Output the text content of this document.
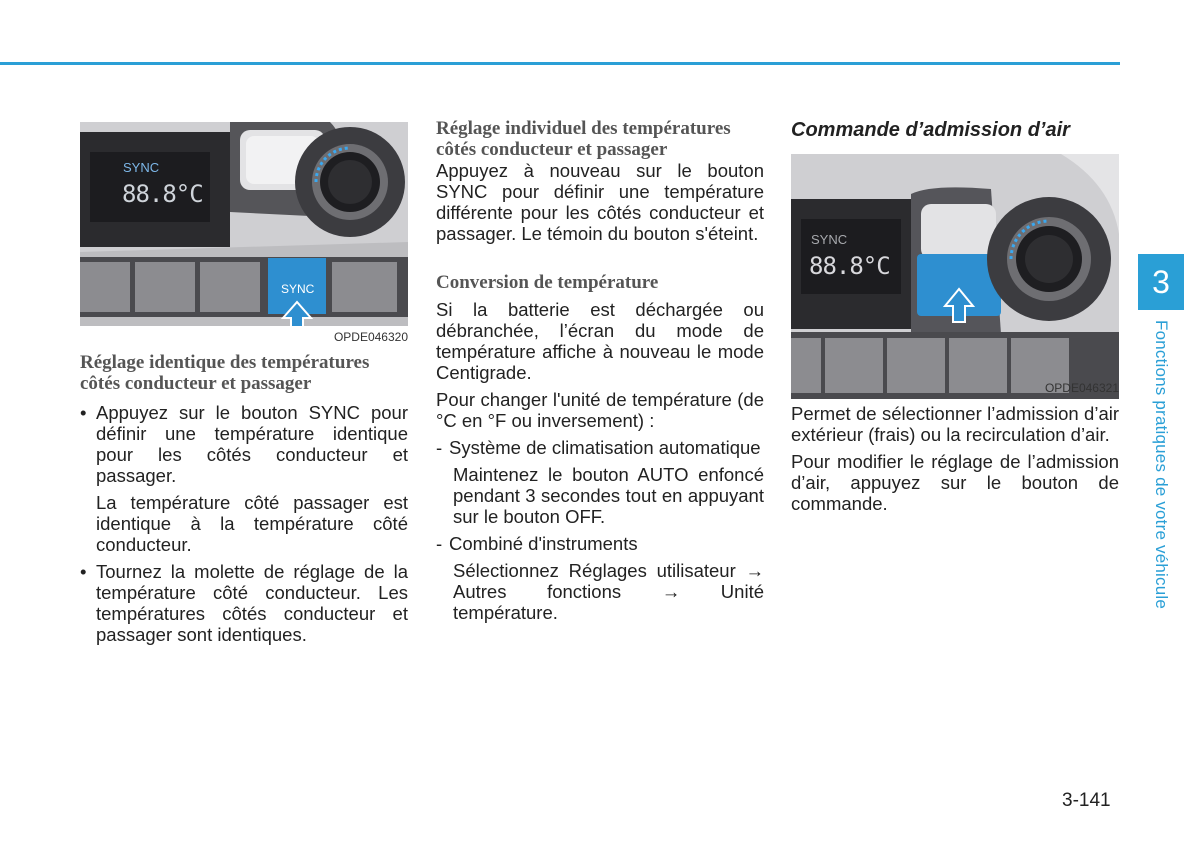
SYNC
88.8°C
SYNC
OPDE046320
Réglage identique des températures côtés conducteur et passager
• Appuyez sur le bouton SYNC pour définir une température identique pour les côtés conducteur et passager.

La température côté passager est identique à la température côté conducteur.

• Tournez la molette de réglage de la température côté conducteur. Les températures côtés conducteur et passager sont identiques.
Réglage individuel des températures côtés conducteur et passager

Appuyez à nouveau sur le bouton SYNC pour définir une température différente pour les côtés conducteur et passager. Le témoin du bouton s'éteint.

Conversion de température

Si la batterie est déchargée ou débranchée, l’écran du mode de température affiche à nouveau le mode Centigrade.

Pour changer l'unité de température (de °C en °F ou inversement) :

- Système de climatisation automatique

Maintenez le bouton AUTO enfoncé pendant 3 secondes tout en appuyant sur le bouton OFF.

- Combiné d'instruments

Sélectionnez Réglages utilisateur → Autres fonctions → Unité température.

Commande d’admission d’air
SYNC
88.8°C
OPDE046321

Permet de sélectionner l’admission d’air extérieur (frais) ou la recirculation d’air.

Pour modifier le réglage de l’admission d’air, appuyez sur le bouton de commande.

3
Fonctions pratiques de votre véhicule
3-141
